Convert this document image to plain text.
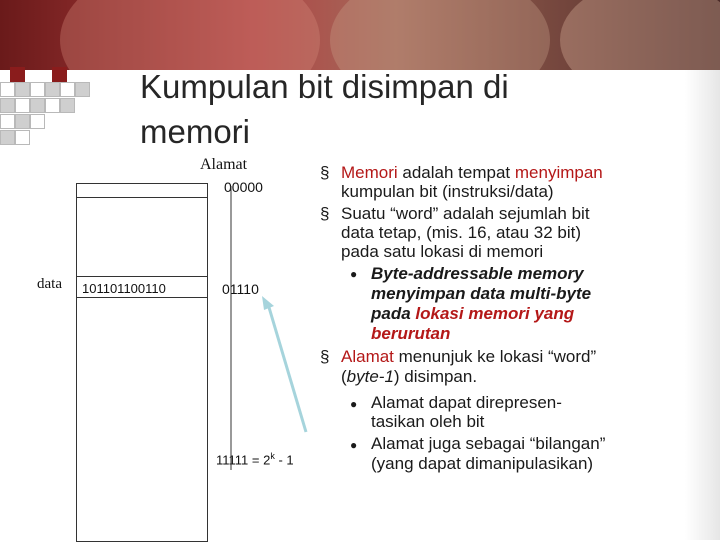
Kumpulan bit disimpan di
memori
Alamat
00000
data 101101100110	01110
$11111 = 2^k - 1$
§ Memori adalah tempat menyimpan
kumpulan bit (instruksi/data)
§ Suatu “word” adalah sejumlah bit
data tetap, (mis. 16, atau 32 bit)
pada satu lokasi di memori
● Byte-addressable memory
menyimpan data multi-byte
pada lokasi memori yang
berurutan
§ Alamat menunjuk ke lokasi “word”
(byte-1) disimpan.
● Alamat dapat direpresen-
tasikan oleh bit
● Alamat juga sebagai “bilangan”
(yang dapat dimanipulasikan)
